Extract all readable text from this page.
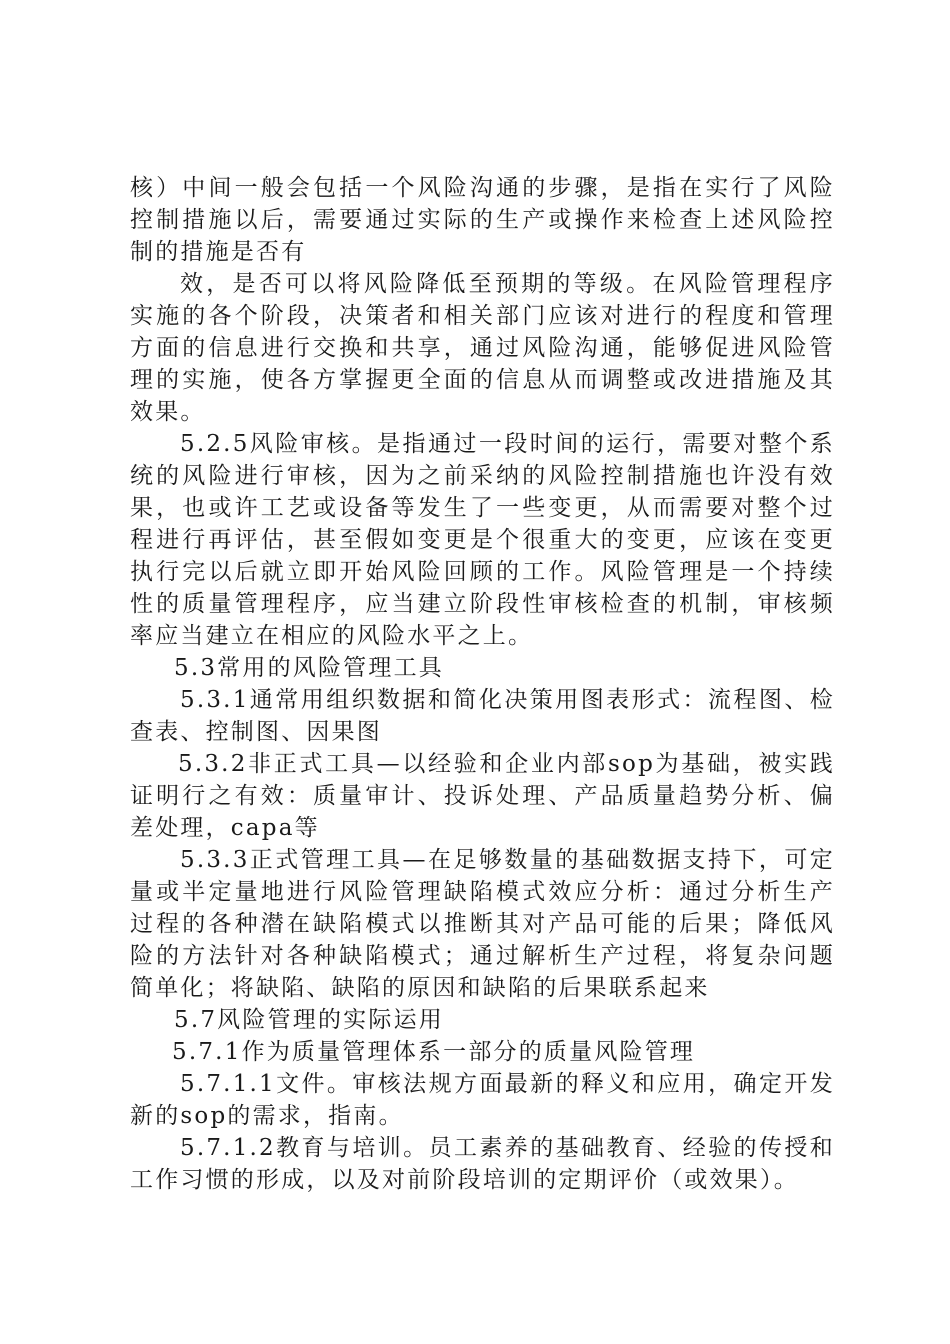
核）中间一般会包括一个风险沟通的步骤，是指在实行了风险控制措施以后，需要通过实际的生产或操作来检查上述风险控制的措施是否有

效，是否可以将风险降低至预期的等级。在风险管理程序实施的各个阶段，决策者和相关部门应该对进行的程度和管理方面的信息进行交换和共享，通过风险沟通，能够促进风险管理的实施，使各方掌握更全面的信息从而调整或改进措施及其效果。

5.2.5风险审核。是指通过一段时间的运行，需要对整个系统的风险进行审核，因为之前采纳的风险控制措施也许没有效果，也或许工艺或设备等发生了一些变更，从而需要对整个过程进行再评估，甚至假如变更是个很重大的变更，应该在变更执行完以后就立即开始风险回顾的工作。风险管理是一个持续性的质量管理程序，应当建立阶段性审核检查的机制，审核频率应当建立在相应的风险水平之上。

5.3常用的风险管理工具

5.3.1通常用组织数据和简化决策用图表形式：流程图、检查表、控制图、因果图

5.3.2非正式工具—以经验和企业内部sop为基础，被实践证明行之有效：质量审计、投诉处理、产品质量趋势分析、偏差处理，capa等

5.3.3正式管理工具—在足够数量的基础数据支持下，可定量或半定量地进行风险管理缺陷模式效应分析：通过分析生产过程的各种潜在缺陷模式以推断其对产品可能的后果；降低风险的方法针对各种缺陷模式；通过解析生产过程，将复杂问题简单化；将缺陷、缺陷的原因和缺陷的后果联系起来

5.7风险管理的实际运用

5.7.1作为质量管理体系一部分的质量风险管理

5.7.1.1文件。审核法规方面最新的释义和应用，确定开发新的sop的需求，指南。

5.7.1.2教育与培训。员工素养的基础教育、经验的传授和工作习惯的形成，以及对前阶段培训的定期评价（或效果）。
